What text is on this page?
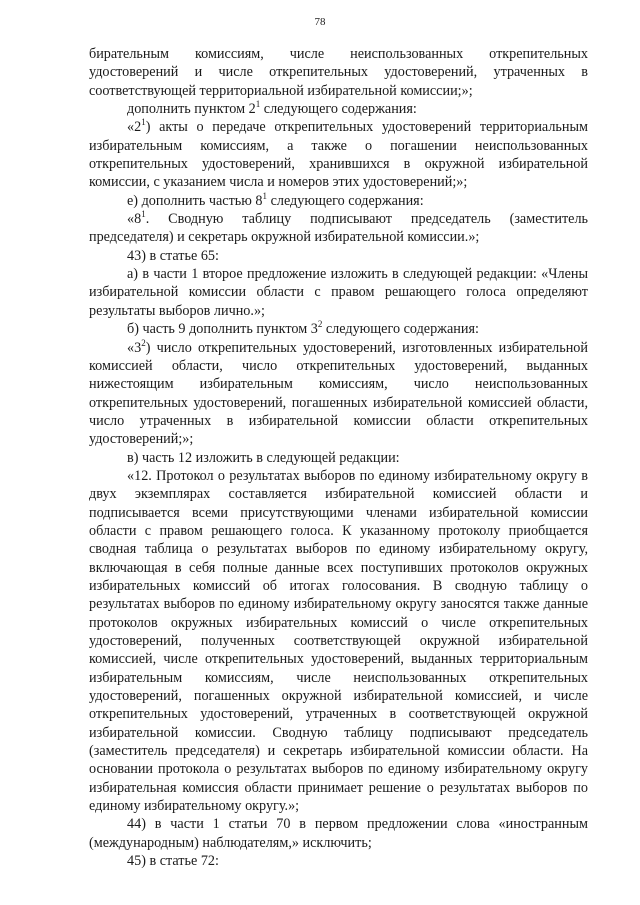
78

бирательным комиссиям, числе неиспользованных открепительных удостоверений и числе открепительных удостоверений, утраченных в соответствующей территориальной избирательной комиссии;»;

дополнить пунктом $2^1$ следующего содержания:

«$2^1$) акты о передаче открепительных удостоверений территориальным избирательным комиссиям, а также о погашении неиспользованных открепительных удостоверений, хранившихся в окружной избирательной комиссии, с указанием числа и номеров этих удостоверений;»;

е) дополнить частью $8^1$ следующего содержания:

«$8^1$. Сводную таблицу подписывают председатель (заместитель председателя) и секретарь окружной избирательной комиссии.»;

43) в статье 65:

а) в части 1 второе предложение изложить в следующей редакции: «Члены избирательной комиссии области с правом решающего голоса определяют результаты выборов лично.»;

б) часть 9 дополнить пунктом $3^2$ следующего содержания:

«$3^2$) число открепительных удостоверений, изготовленных избирательной комиссией области, число открепительных удостоверений, выданных нижестоящим избирательным комиссиям, число неиспользованных открепительных удостоверений, погашенных избирательной комиссией области, число утраченных в избирательной комиссии области открепительных удостоверений;»;

в) часть 12 изложить в следующей редакции:

«12. Протокол о результатах выборов по единому избирательному округу в двух экземплярах составляется избирательной комиссией области и подписывается всеми присутствующими членами избирательной комиссии области с правом решающего голоса. К указанному протоколу приобщается сводная таблица о результатах выборов по единому избирательному округу, включающая в себя полные данные всех поступивших протоколов окружных избирательных комиссий об итогах голосования. В сводную таблицу о результатах выборов по единому избирательному округу заносятся также данные протоколов окружных избирательных комиссий о числе открепительных удостоверений, полученных соответствующей окружной избирательной комиссией, числе открепительных удостоверений, выданных территориальным избирательным комиссиям, числе неиспользованных открепительных удостоверений, погашенных окружной избирательной комиссией, и числе открепительных удостоверений, утраченных в соответствующей окружной избирательной комиссии. Сводную таблицу подписывают председатель (заместитель председателя) и секретарь избирательной комиссии области. На основании протокола о результатах выборов по единому избирательному округу избирательная комиссия области принимает решение о результатах выборов по единому избирательному округу.»;

44) в части 1 статьи 70 в первом предложении слова «иностранным (международным) наблюдателям,» исключить;

45) в статье 72:
